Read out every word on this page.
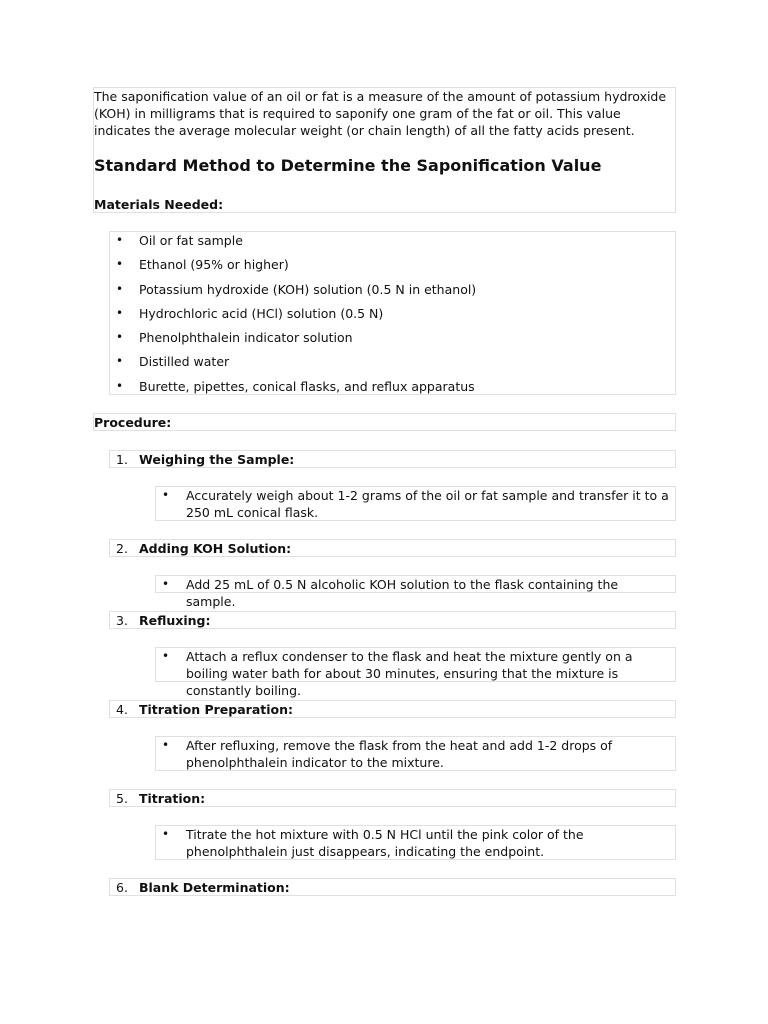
The saponification value of an oil or fat is a measure of the amount of potassium hydroxide (KOH) in milligrams that is required to saponify one gram of the fat or oil. This value indicates the average molecular weight (or chain length) of all the fatty acids present.

Standard Method to Determine the Saponification Value
Materials Needed:
• Oil or fat sample
• Ethanol (95% or higher)
• Potassium hydroxide (KOH) solution (0.5 N in ethanol)
• Hydrochloric acid (HCl) solution (0.5 N)
• Phenolphthalein indicator solution
• Distilled water
• Burette, pipettes, conical flasks, and reflux apparatus
Procedure:
1. Weighing the Sample:
• Accurately weigh about 1-2 grams of the oil or fat sample and transfer it to a 250 mL conical flask.
2. Adding KOH Solution:
• Add 25 mL of 0.5 N alcoholic KOH solution to the flask containing the sample.
3. Refluxing:
• Attach a reflux condenser to the flask and heat the mixture gently on a boiling water bath for about 30 minutes, ensuring that the mixture is constantly boiling.
4. Titration Preparation:
• After refluxing, remove the flask from the heat and add 1-2 drops of phenolphthalein indicator to the mixture.
5. Titration:
• Titrate the hot mixture with 0.5 N HCl until the pink color of the phenolphthalein just disappears, indicating the endpoint.
6. Blank Determination:
